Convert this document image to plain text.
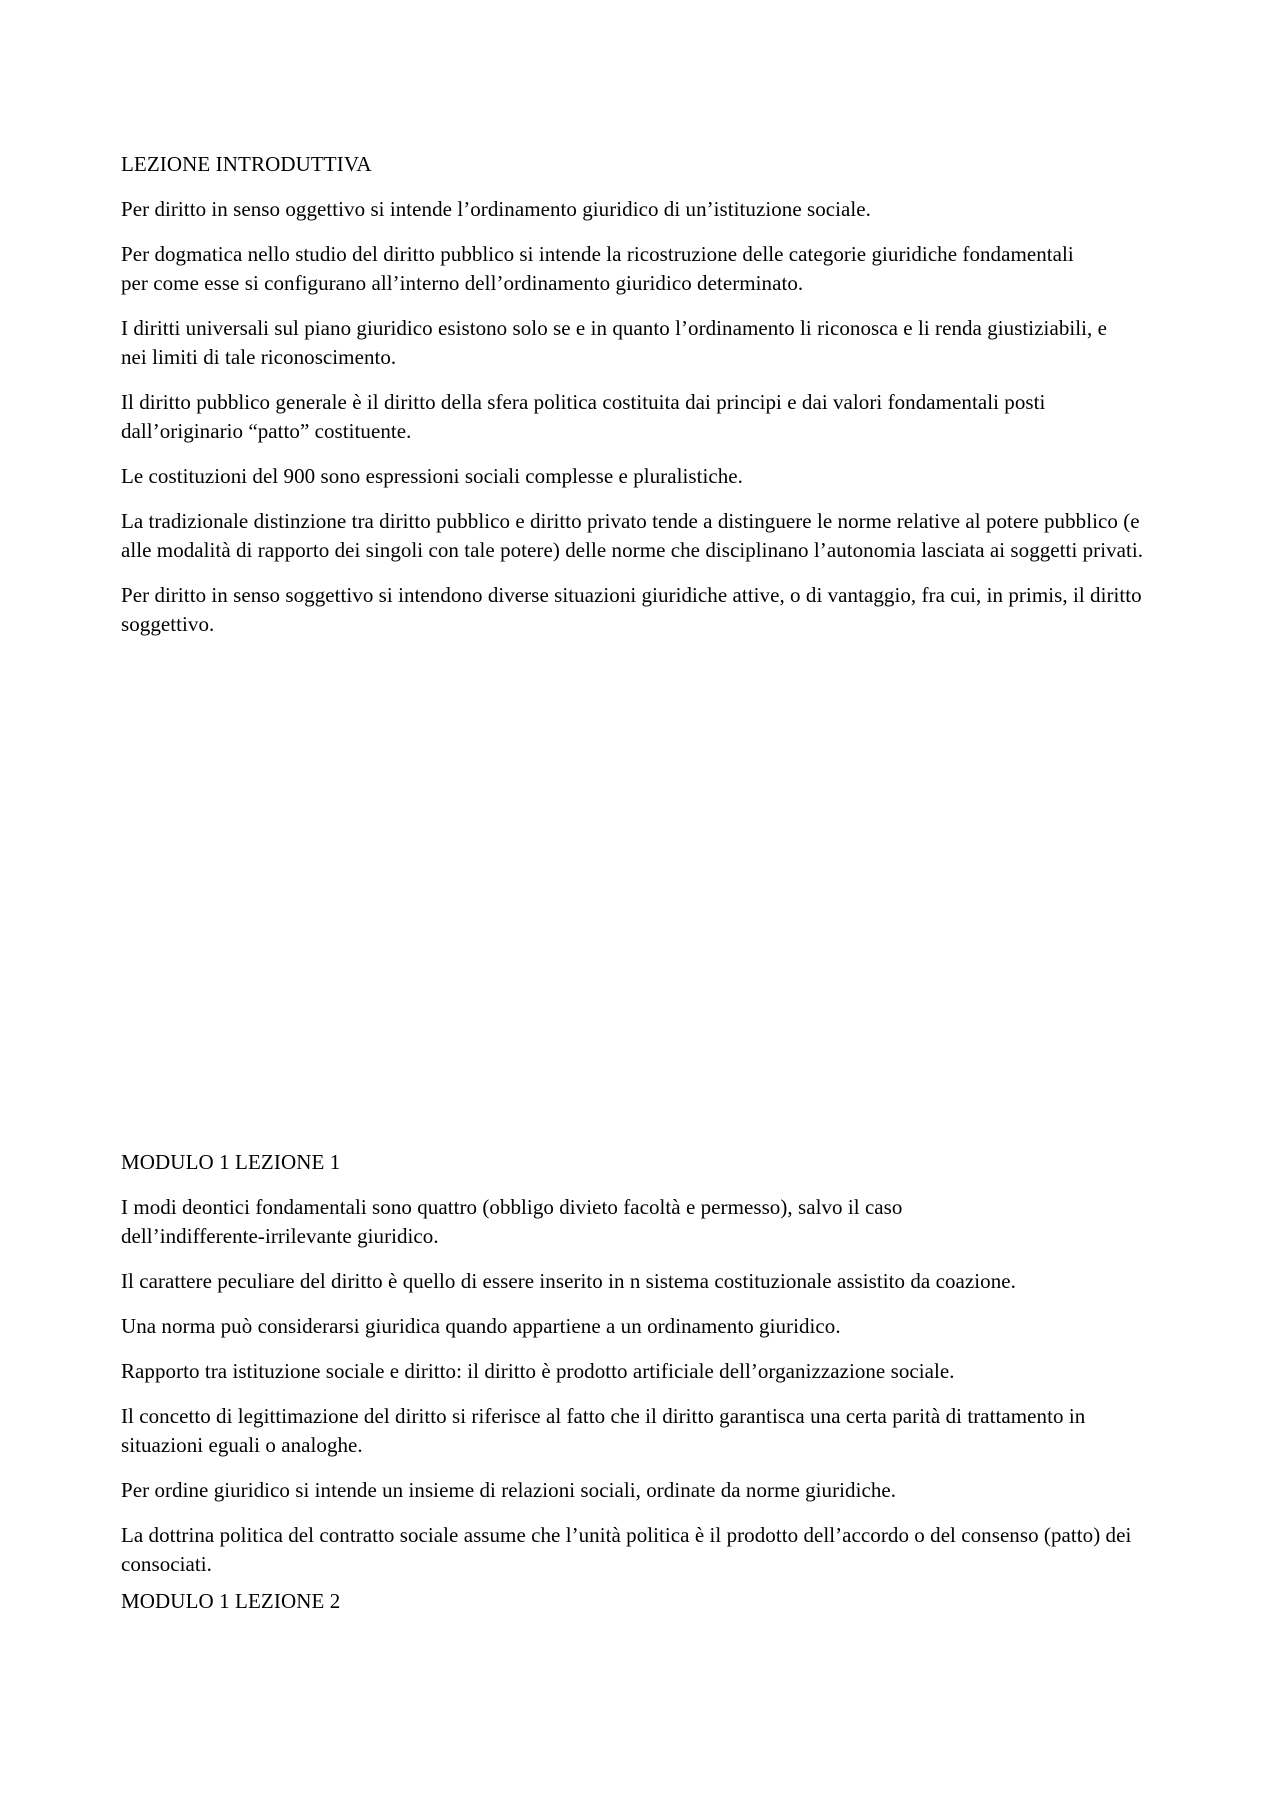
LEZIONE INTRODUTTIVA

Per diritto in senso oggettivo si intende l’ordinamento giuridico di un’istituzione sociale.

Per dogmatica nello studio del diritto pubblico si intende la ricostruzione delle categorie giuridiche fondamentali per come esse si configurano all’interno dell’ordinamento giuridico determinato.

I diritti universali sul piano giuridico esistono solo se e in quanto l’ordinamento li riconosca e li renda giustiziabili, e nei limiti di tale riconoscimento.

Il diritto pubblico generale è il diritto della sfera politica costituita dai principi e dai valori fondamentali posti dall’originario “patto” costituente.

Le costituzioni del 900 sono espressioni sociali complesse e pluralistiche.

La tradizionale distinzione tra diritto pubblico e diritto privato tende a distinguere le norme relative al potere pubblico (e alle modalità di rapporto dei singoli con tale potere) delle norme che disciplinano l’autonomia lasciata ai soggetti privati.

Per diritto in senso soggettivo si intendono diverse situazioni giuridiche attive, o di vantaggio, fra cui, in primis, il diritto soggettivo.

MODULO 1 LEZIONE 1

I modi deontici fondamentali sono quattro (obbligo divieto facoltà e permesso), salvo il caso dell’indifferente-irrilevante giuridico.

Il carattere peculiare del diritto è quello di essere inserito in n sistema costituzionale assistito da coazione.

Una norma può considerarsi giuridica quando appartiene a un ordinamento giuridico.

Rapporto tra istituzione sociale e diritto: il diritto è prodotto artificiale dell’organizzazione sociale.

Il concetto di legittimazione del diritto si riferisce al fatto che il diritto garantisca una certa parità di trattamento in situazioni eguali o analoghe.

Per ordine giuridico si intende un insieme di relazioni sociali, ordinate da norme giuridiche.

La dottrina politica del contratto sociale assume che l’unità politica è il prodotto dell’accordo o del consenso (patto) dei consociati.

MODULO 1 LEZIONE 2
